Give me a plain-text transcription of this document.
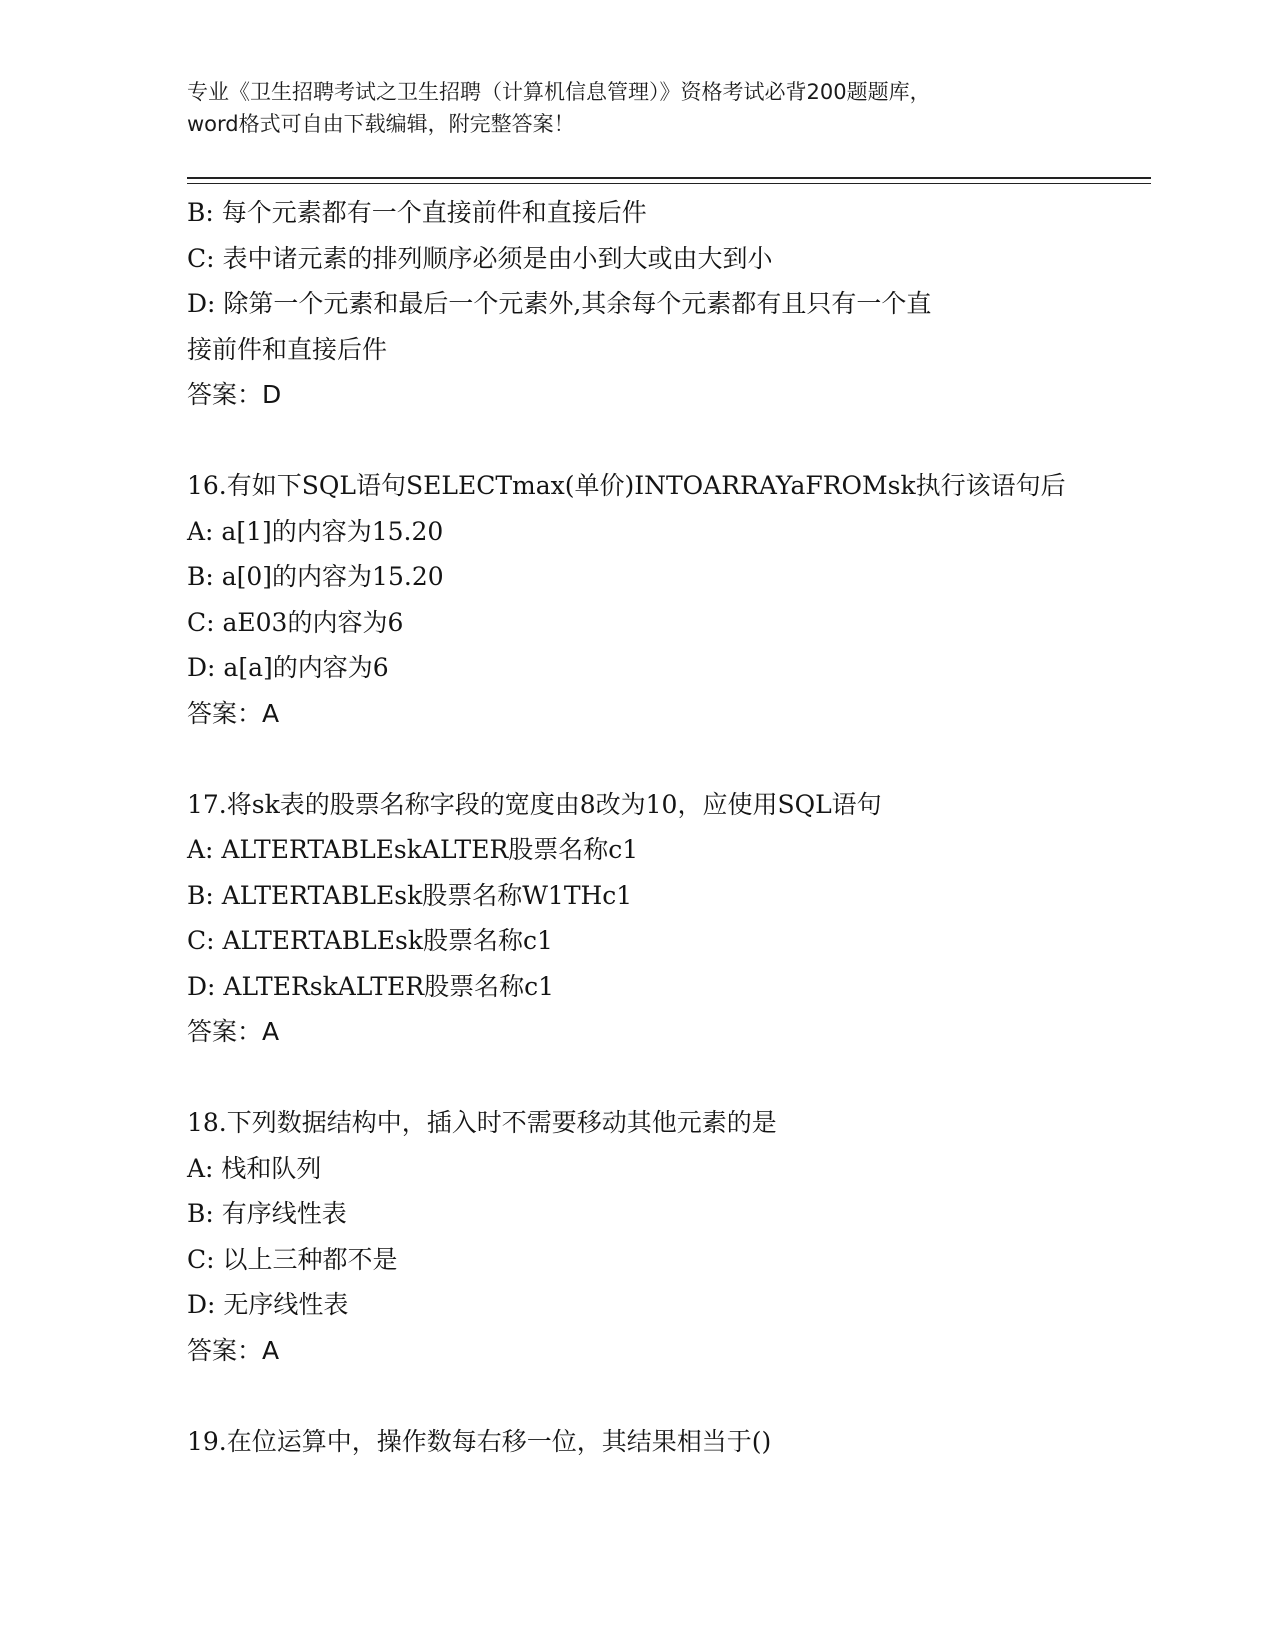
专业《卫生招聘考试之卫生招聘（计算机信息管理）》资格考试必背200题题库，
word格式可自由下载编辑，附完整答案！

B: 每个元素都有一个直接前件和直接后件

C: 表中诸元素的排列顺序必须是由小到大或由大到小

D: 除第一个元素和最后一个元素外,其余每个元素都有且只有一个直

接前件和直接后件

答案：D

16.有如下SQL语句SELECTmax(单价)INTOARRAYaFROMsk执行该语句后

A: a[1]的内容为15.20

B: a[0]的内容为15.20

C: aE03的内容为6

D: a[a]的内容为6

答案：A

17.将sk表的股票名称字段的宽度由8改为10，应使用SQL语句

A: ALTERTABLEskALTER股票名称c1

B: ALTERTABLEsk股票名称W1THc1

C: ALTERTABLEsk股票名称c1

D: ALTERskALTER股票名称c1

答案：A

18.下列数据结构中，插入时不需要移动其他元素的是

A: 栈和队列

B: 有序线性表

C: 以上三种都不是

D: 无序线性表

答案：A

19.在位运算中，操作数每右移一位，其结果相当于()
